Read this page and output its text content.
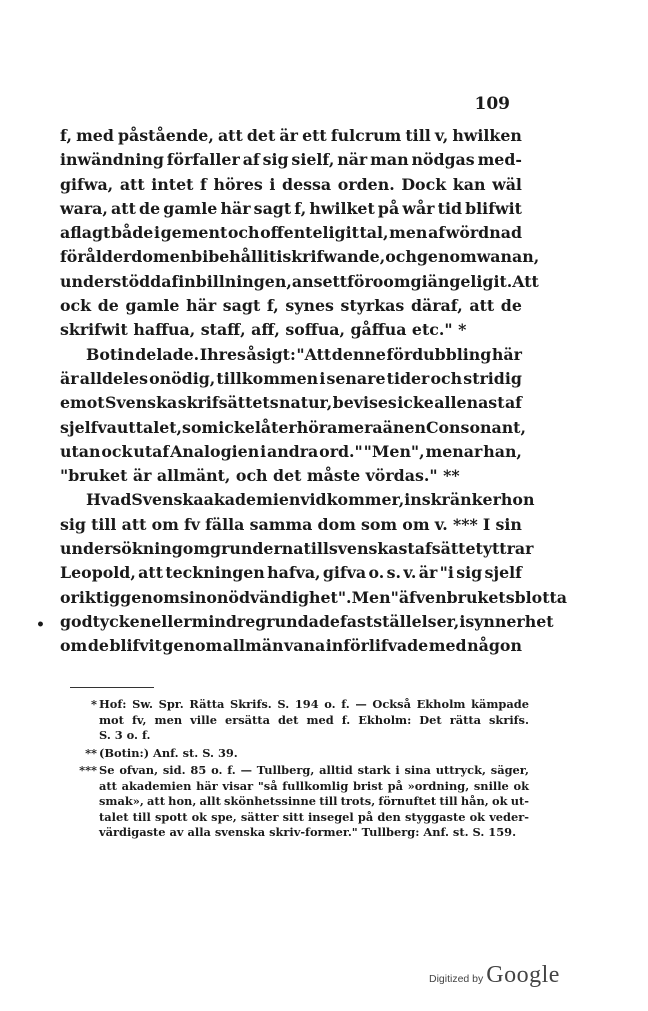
109
f, med påstående, att det är ett fulcrum till v, hwilken
inwändning förfaller af sig sielf, när man nödgas med-
gifwa, att intet f höres i dessa orden. Dock kan wäl
wara, att de gamle här sagt f, hwilket på wår tid blifwit
aflagt både i gement och offenteligit tal, men af wördnad
för ålderdomen bibehållit i skrifwande, och genom wanan,
understödd af inbillningen, ansett för oomgiängeligit. Att
ock de gamle här sagt f, synes styrkas däraf, att de
skrifwit haffua, staff, aff, soffua, gåffua etc." *
Botin delade. Ihres åsigt: "Att denne fördubbling här
är alldeles onödig, tillkommen i senare tider och stridig
emot Svenska skrifsättets natur, bevises icke allenast af
sjelfva uttalet, som icke låter höra mera än en Consonant,
utan ock utaf Analogien i andra ord." "Men", menar han,
"bruket är allmänt, och det måste vördas." **
Hvad Svenska akademien vidkommer, inskränker hon
sig till att om fv fälla samma dom som om v. *** I sin
undersökning om grunderna till svenska stafsättet yttrar
Leopold, att teckningen hafva, gifva o. s. v. är "i sig sjelf
oriktig genom sin onödvändighet". Men "äfven brukets blotta
godtycken eller mindre grundade fastställelser, i synnerhet
om de blifvit genom allmän vana införlifvade med någon
•
* Hof: Sw. Spr. Rätta Skrifs. S. 194 o. f. — Också Ekholm kämpade
mot fv, men ville ersätta det med f. Ekholm: Det rätta skrifs.
S. 3 o. f.
** (Botin:) Anf. st. S. 39.
*** Se ofvan, sid. 85 o. f. — Tullberg, alltid stark i sina uttryck, säger,
att akademien här visar "så fullkomlig brist på »ordning, snille ok
smak», att hon, allt skönhetssinne till trots, förnuftet till hån, ok ut-
talet till spott ok spe, sätter sitt insegel på den styggaste ok veder-
värdigaste av alla svenska skriv-former." Tullberg: Anf. st. S. 159.
Digitized by Google
